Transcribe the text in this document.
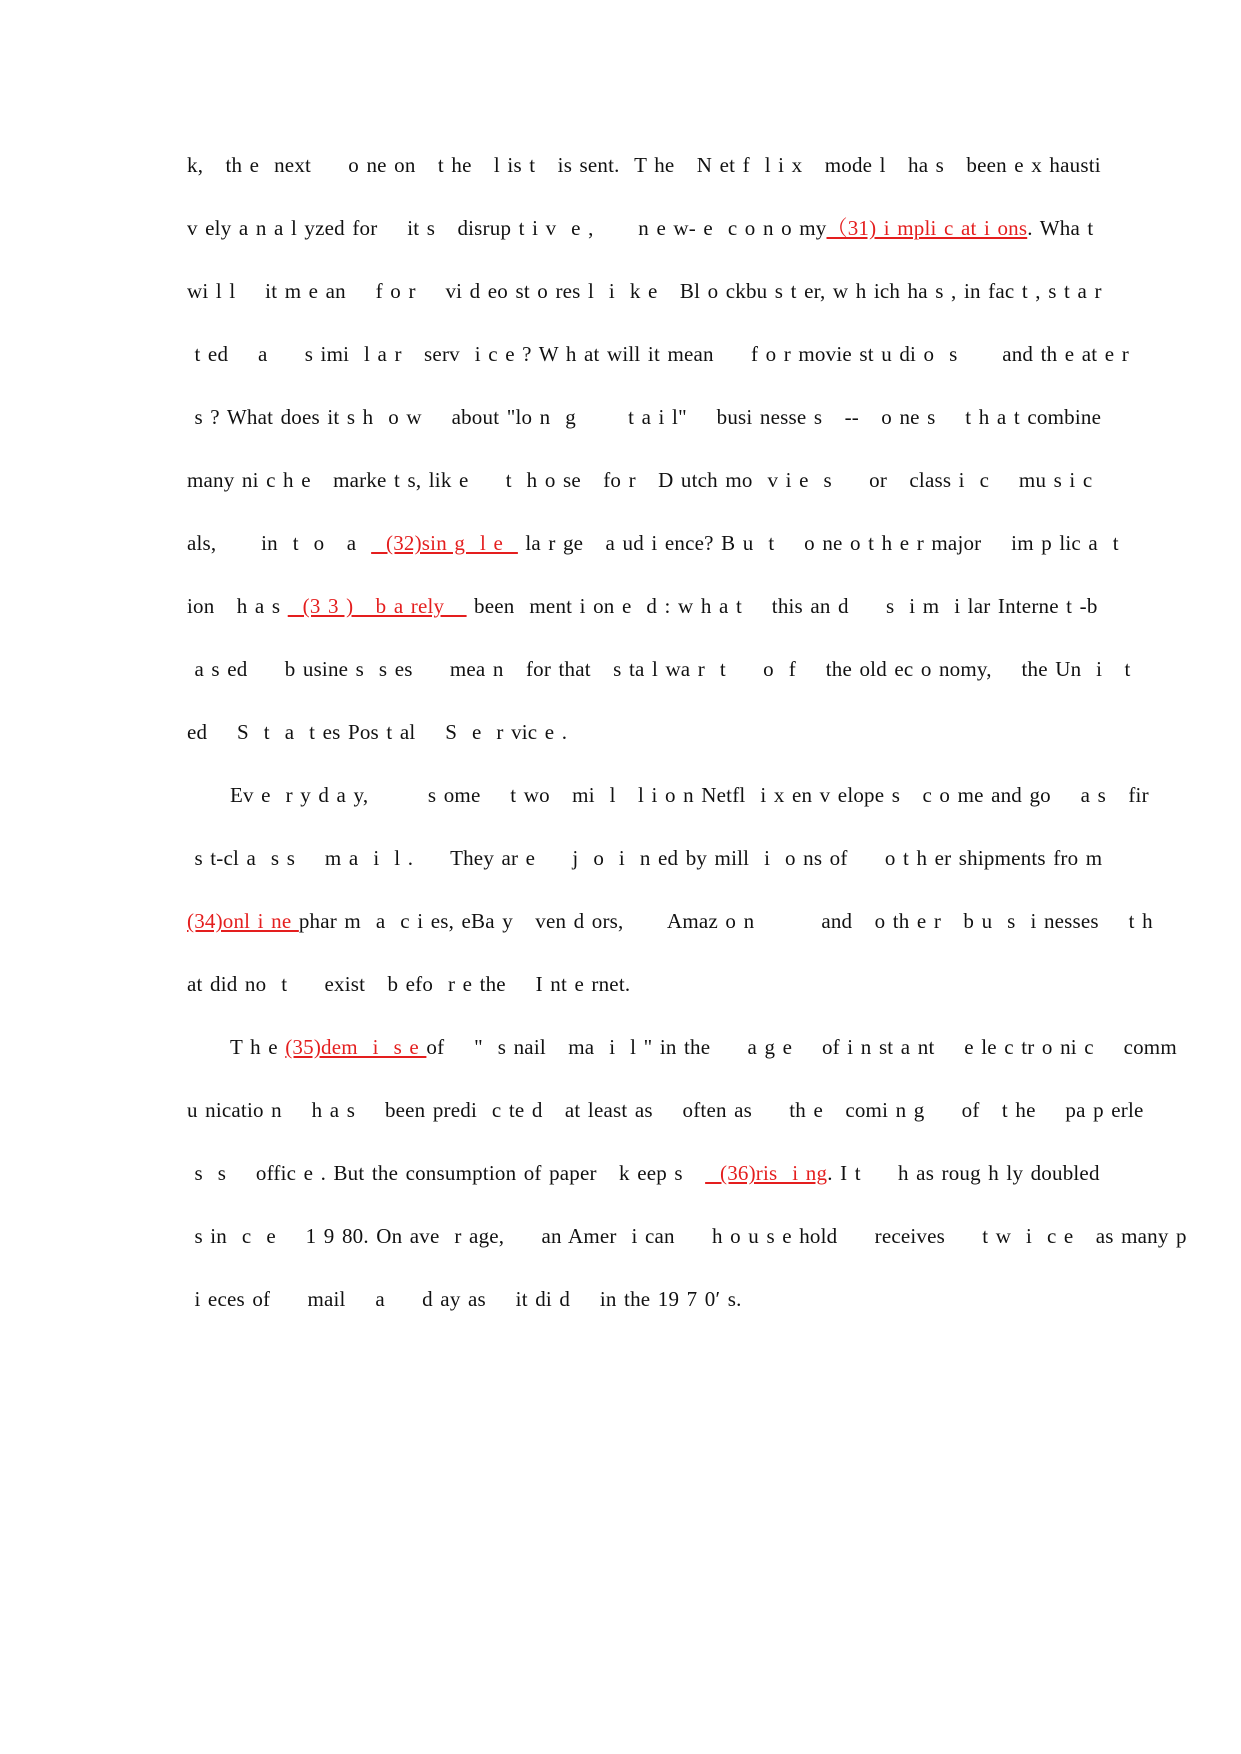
k,   th e  next     o ne on   t he   l is t   is sent.  T he   N et f  l i x   mode l   ha s   been e x hausti
v ely a n a l yzed for    it s   disrup t i v  e ,      n e w- e  c o n o my（31) i mpli c at i ons. Wha t
wi l l    it m e an    f o r    vi d eo st o res l  i  k e   Bl o ckbu s t er, w h ich ha s , in fac t , s t a r
t ed    a     s imi  l a r   serv  i c e ? W h at will it mean     f o r movie st u di o  s      and th e at e r
s ? What does it s h  o w    about "lo n  g       t a i l"    busi nesse s   --   o ne s    t h a t combine
many ni c h e   marke t s, lik e     t  h o se   fo r   D utch mo  v i e  s     or   class i  c    mu s i c
als,      in  t  o   a    (32)sin g  l e   la r ge   a ud i ence? B u  t    o ne o t h e r major    im p lic a  t
ion   h a s   (3 3 )   b a rely    been  ment i on e  d : w h a t    this an d     s  i m  i lar Interne t -b
a s ed     b usine s  s es     mea n   for that   s ta l wa r  t     o  f    the old ec o nomy,    the Un  i   t
ed    S  t  a  t es Pos t al    S  e  r vic e .
Ev e  r y d a y,        s ome    t wo   mi  l   l i o n Netfl  i x en v elope s   c o me and go    a s   fir
s t-cl a  s s    m a  i  l .     They ar e     j  o  i  n ed by mill  i  o ns of     o t h er shipments fro m
(34)onl i ne phar m  a  c i es, eBa y   ven d ors,      Amaz o n         and   o th e r   b u  s  i nesses    t h
at did no  t     exist   b efo  r e the    I nt e rnet.
T h e (35)dem  i  s e of    "  s nail   ma  i  l " in the     a g e    of i n st a nt    e le c tr o ni c    comm
u nicatio n    h a s    been predi  c te d   at least as    often as     th e   comi n g     of   t he    pa p erle
s  s    offic e . But the consumption of paper   k eep s     (36)ris  i ng. I t     h as roug h ly doubled
s in  c  e    1 9 80. On ave  r age,     an Amer  i can     h o u s e hold     receives     t w  i  c e   as many p
i eces of     mail    a     d ay as    it di d    in the 19 7 0′ s.
